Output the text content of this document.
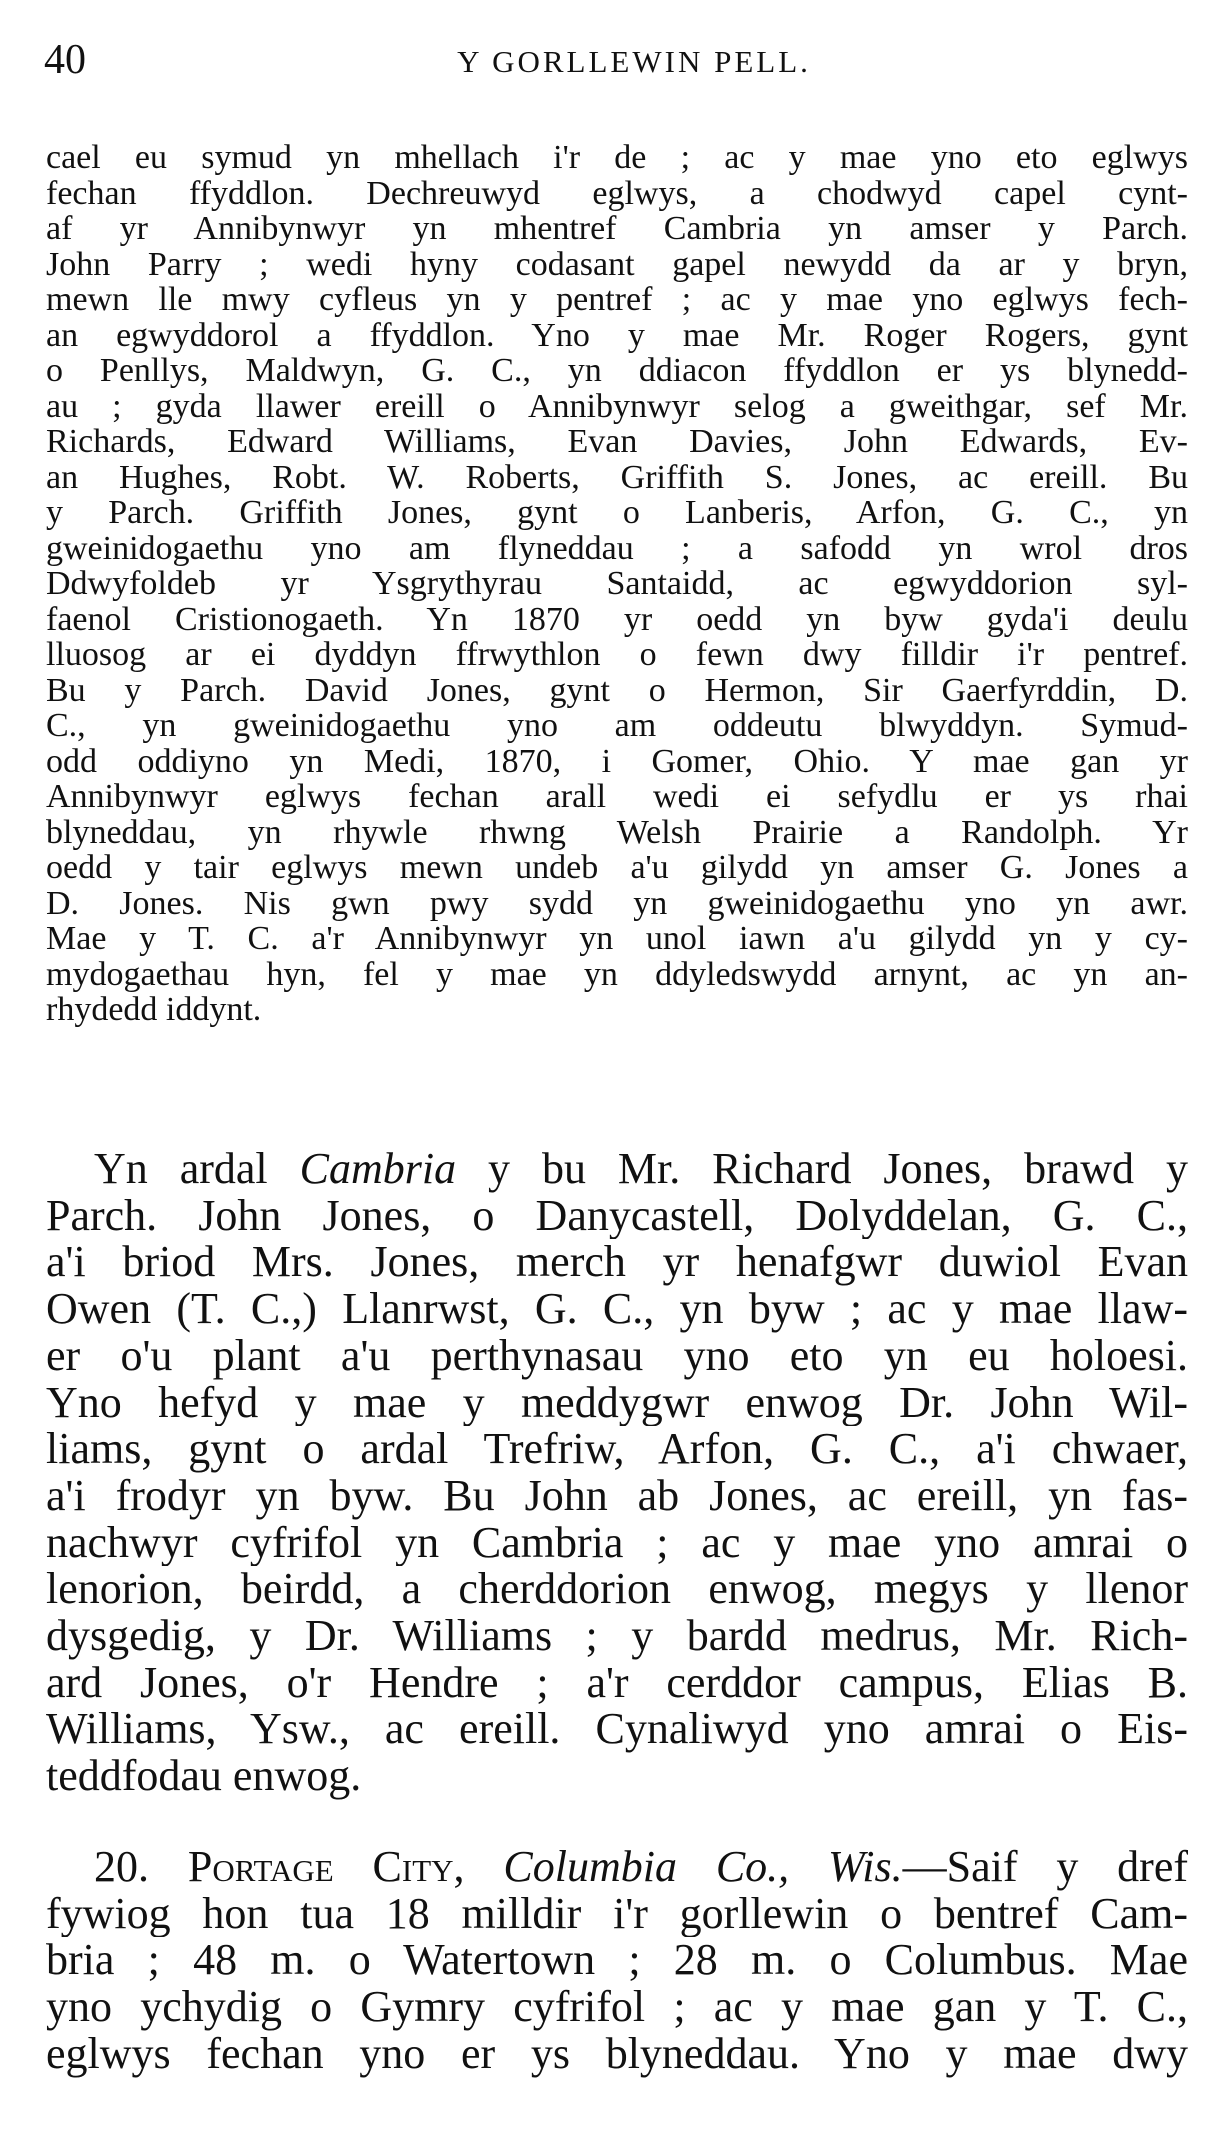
40	Y GORLLEWIN PELL.
cael eu symud yn mhellach i'r de ; ac y mae yno eto eglwys
fechan ffyddlon. Dechreuwyd eglwys, a chodwyd capel cynt-
af yr Annibynwyr yn mhentref Cambria yn amser y Parch.
John Parry ; wedi hyny codasant gapel newydd da ar y bryn,
mewn lle mwy cyfleus yn y pentref ; ac y mae yno eglwys fech-
an egwyddorol a ffyddlon. Yno y mae Mr. Roger Rogers, gynt
o Penllys, Maldwyn, G. C., yn ddiacon ffyddlon er ys blynedd-
au ; gyda llawer ereill o Annibynwyr selog a gweithgar, sef Mr.
Richards, Edward Williams, Evan Davies, John Edwards, Ev-
an Hughes, Robt. W. Roberts, Griffith S. Jones, ac ereill. Bu
y Parch. Griffith Jones, gynt o Lanberis, Arfon, G. C., yn
gweinidogaethu yno am flyneddau ; a safodd yn wrol dros
Ddwyfoldeb yr Ysgrythyrau Santaidd, ac egwyddorion syl-
faenol Cristionogaeth. Yn 1870 yr oedd yn byw gyda'i deulu
lluosog ar ei dyddyn ffrwythlon o fewn dwy filldir i'r pentref.
Bu y Parch. David Jones, gynt o Hermon, Sir Gaerfyrddin, D.
C., yn gweinidogaethu yno am oddeutu blwyddyn. Symud-
odd oddiyno yn Medi, 1870, i Gomer, Ohio. Y mae gan yr
Annibynwyr eglwys fechan arall wedi ei sefydlu er ys rhai
blyneddau, yn rhywle rhwng Welsh Prairie a Randolph. Yr
oedd y tair eglwys mewn undeb a'u gilydd yn amser G. Jones a
D. Jones. Nis gwn pwy sydd yn gweinidogaethu yno yn awr.
Mae y T. C. a'r Annibynwyr yn unol iawn a'u gilydd yn y cy-
mydogaethau hyn, fel y mae yn ddyledswydd arnynt, ac yn an-
rhydedd iddynt.
Yn ardal Cambria y bu Mr. Richard Jones, brawd y
Parch. John Jones, o Danycastell, Dolyddelan, G. C.,
a'i briod Mrs. Jones, merch yr henafgwr duwiol Evan
Owen (T. C.,) Llanrwst, G. C., yn byw ; ac y mae llaw-
er o'u plant a'u perthynasau yno eto yn eu holoesi.
Yno hefyd y mae y meddygwr enwog Dr. John Wil-
liams, gynt o ardal Trefriw, Arfon, G. C., a'i chwaer,
a'i frodyr yn byw. Bu John ab Jones, ac ereill, yn fas-
nachwyr cyfrifol yn Cambria ; ac y mae yno amrai o
lenorion, beirdd, a cherddorion enwog, megys y llenor
dysgedig, y Dr. Williams ; y bardd medrus, Mr. Rich-
ard Jones, o'r Hendre ; a'r cerddor campus, Elias B.
Williams, Ysw., ac ereill. Cynaliwyd yno amrai o Eis-
teddfodau enwog.
20. Portage City, Columbia Co., Wis.—Saif y dref
fywiog hon tua 18 milldir i'r gorllewin o bentref Cam-
bria ; 48 m. o Watertown ; 28 m. o Columbus. Mae
yno ychydig o Gymry cyfrifol ; ac y mae gan y T. C.,
eglwys fechan yno er ys blyneddau. Yno y mae dwy
